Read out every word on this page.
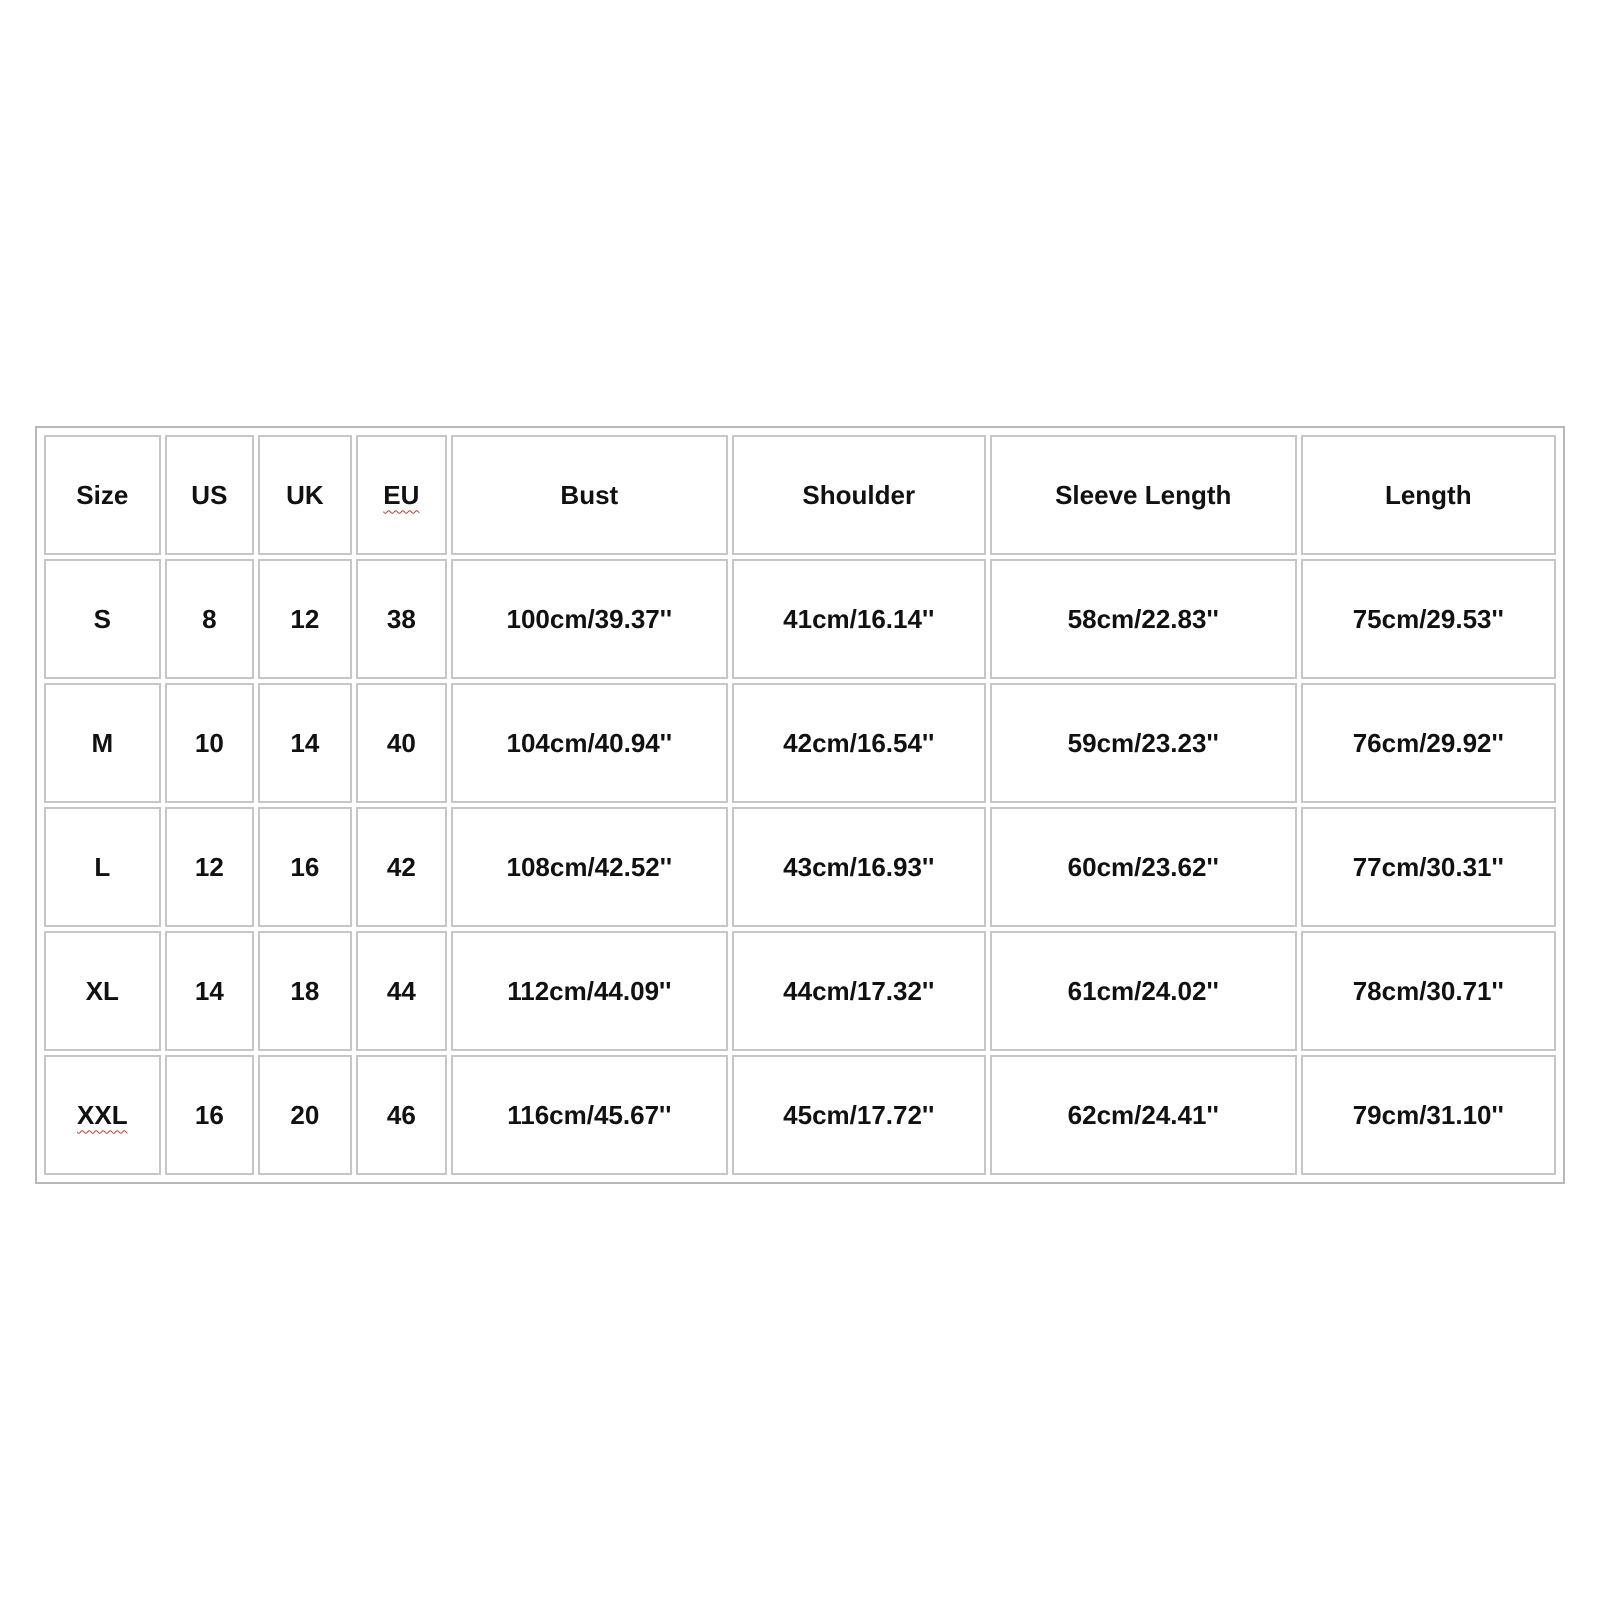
Size	US	UK	EU	Bust	Shoulder	Sleeve Length	Length
S	8	12	38	100cm/39.37''	41cm/16.14''	58cm/22.83''	75cm/29.53''
M	10	14	40	104cm/40.94''	42cm/16.54''	59cm/23.23''	76cm/29.92''
L	12	16	42	108cm/42.52''	43cm/16.93''	60cm/23.62''	77cm/30.31''
XL	14	18	44	112cm/44.09''	44cm/17.32''	61cm/24.02''	78cm/30.71''
XXL	16	20	46	116cm/45.67''	45cm/17.72''	62cm/24.41''	79cm/31.10''
